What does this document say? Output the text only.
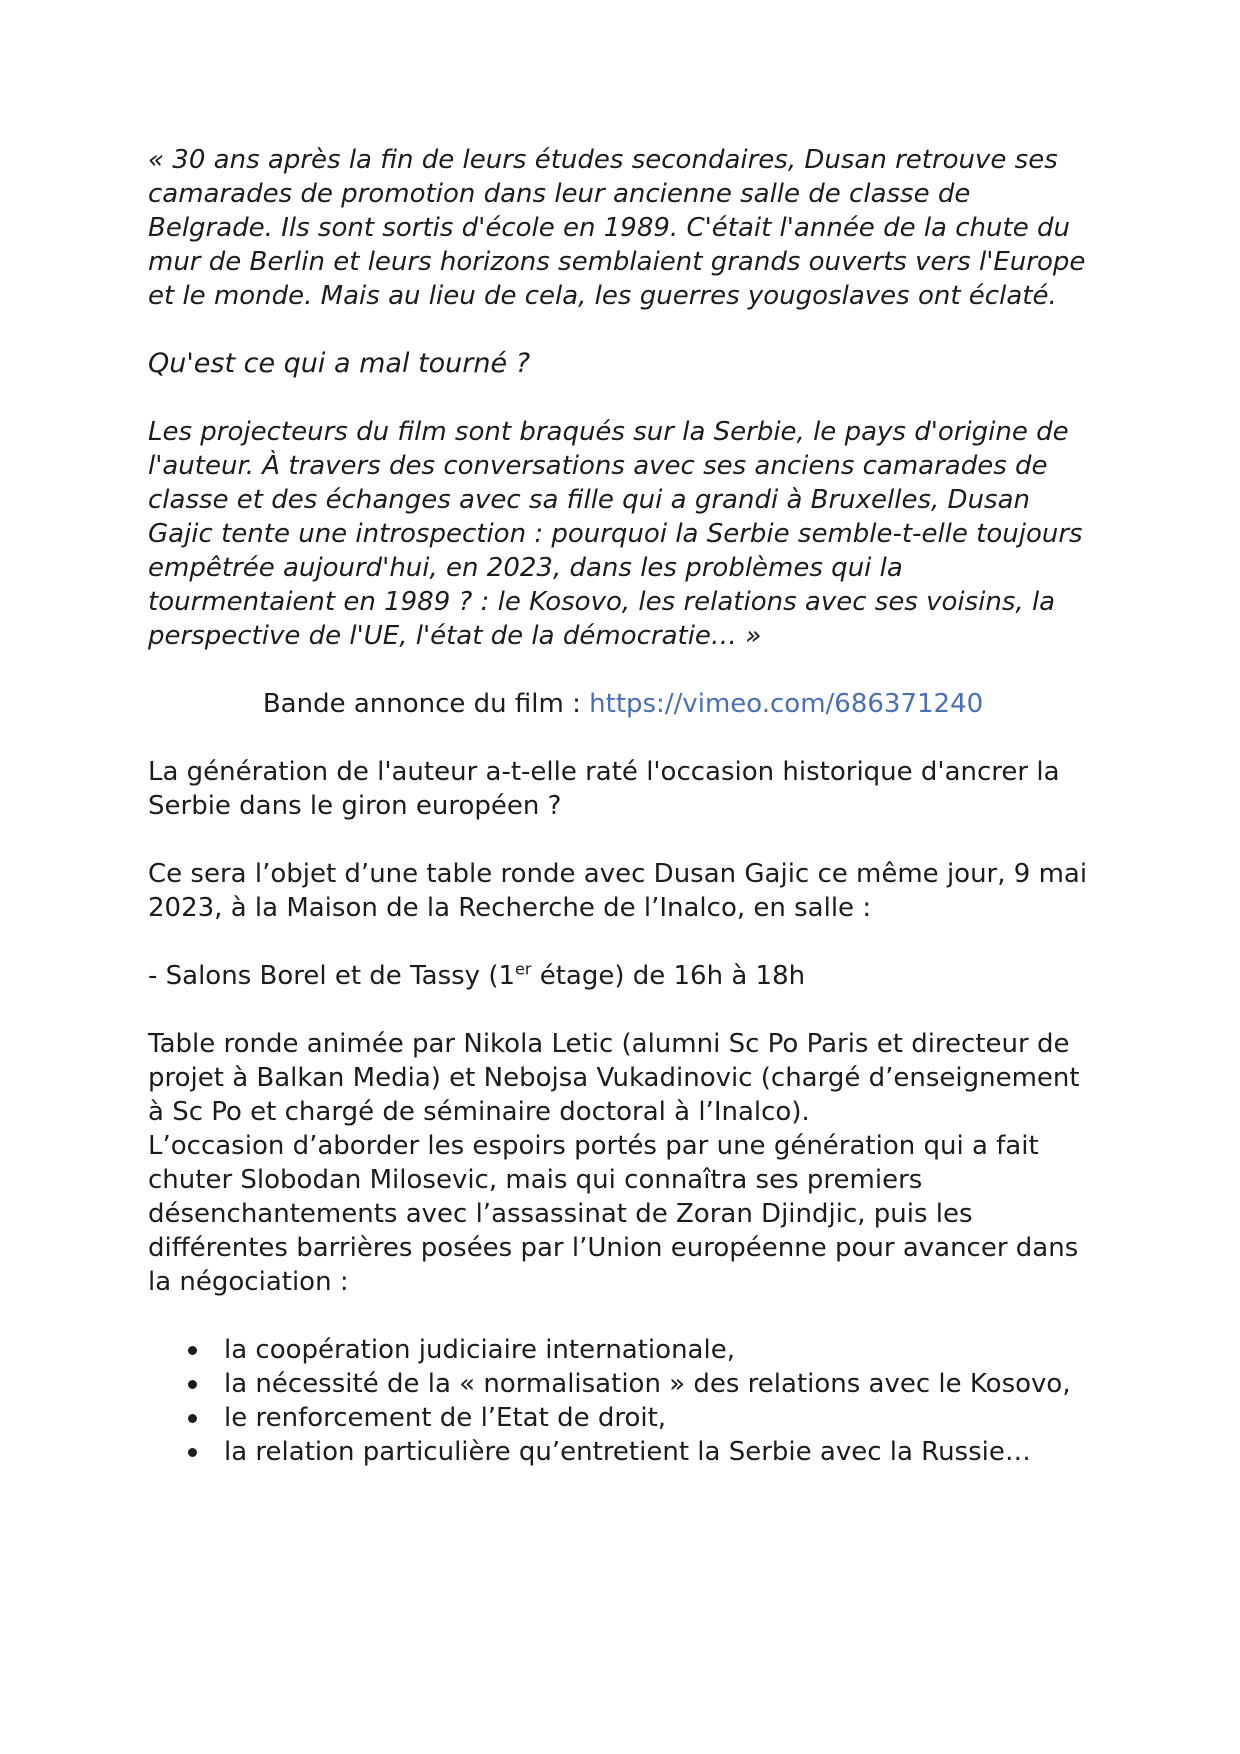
« 30 ans après la fin de leurs études secondaires, Dusan retrouve ses camarades de promotion dans leur ancienne salle de classe de Belgrade. Ils sont sortis d'école en 1989. C'était l'année de la chute du mur de Berlin et leurs horizons semblaient grands ouverts vers l'Europe et le monde. Mais au lieu de cela, les guerres yougoslaves ont éclaté.

Qu'est ce qui a mal tourné ?

Les projecteurs du film sont braqués sur la Serbie, le pays d'origine de l'auteur. À travers des conversations avec ses anciens camarades de classe et des échanges avec sa fille qui a grandi à Bruxelles, Dusan Gajic tente une introspection : pourquoi la Serbie semble-t-elle toujours empêtrée aujourd'hui, en 2023, dans les problèmes qui la tourmentaient en 1989 ? : le Kosovo, les relations avec ses voisins, la perspective de l'UE, l'état de la démocratie… »

Bande annonce du film : https://vimeo.com/686371240

La génération de l'auteur a-t-elle raté l'occasion historique d'ancrer la Serbie dans le giron européen ?

Ce sera l’objet d’une table ronde avec Dusan Gajic ce même jour, 9 mai 2023, à la Maison de la Recherche de l’Inalco, en salle :

- Salons Borel et de Tassy (1er étage) de 16h à 18h

Table ronde animée par Nikola Letic (alumni Sc Po Paris et directeur de projet à Balkan Media) et Nebojsa Vukadinovic (chargé d’enseignement à Sc Po et chargé de séminaire doctoral à l’Inalco).

L’occasion d’aborder les espoirs portés par une génération qui a fait chuter Slobodan Milosevic, mais qui connaîtra ses premiers désenchantements avec l’assassinat de Zoran Djindjic, puis les différentes barrières posées par l’Union européenne pour avancer dans la négociation :

la coopération judiciaire internationale,
la nécessité de la « normalisation » des relations avec le Kosovo,
le renforcement de l’Etat de droit,
la relation particulière qu’entretient la Serbie avec la Russie…
